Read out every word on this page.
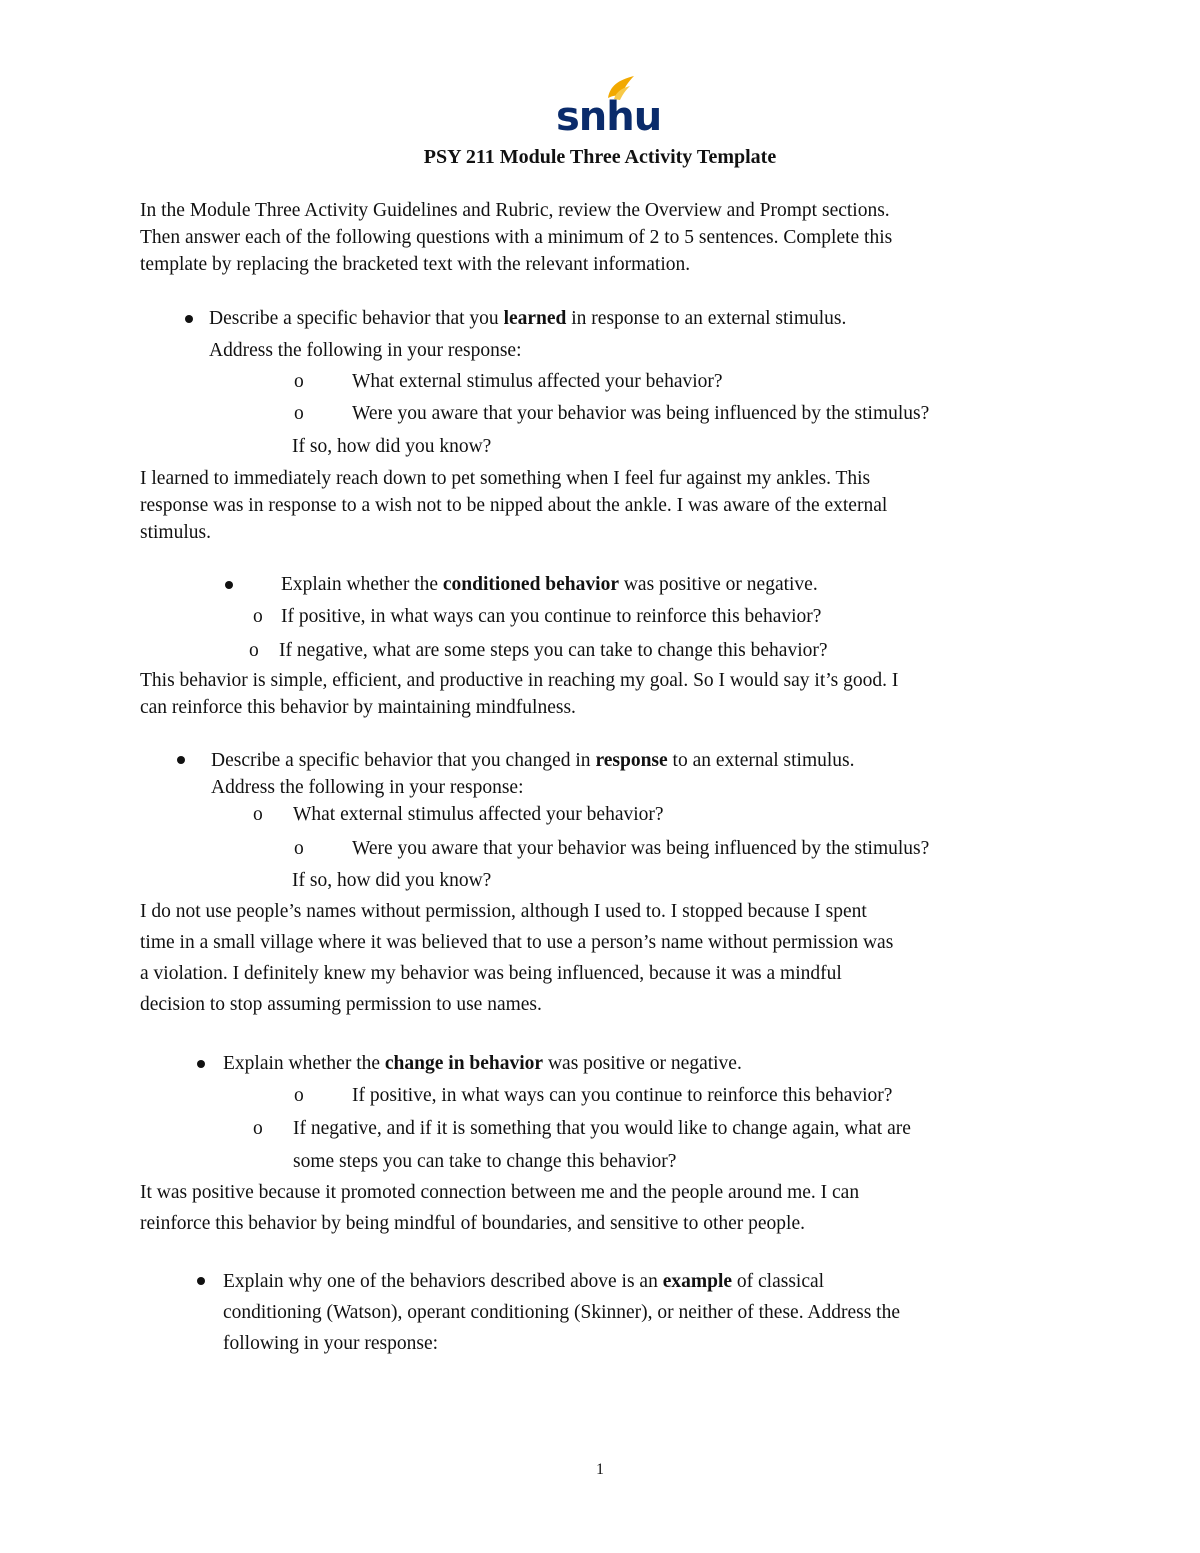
snhu
PSY 211 Module Three Activity Template

In the Module Three Activity Guidelines and Rubric, review the Overview and Prompt sections.

Then answer each of the following questions with a minimum of 2 to 5 sentences. Complete this

template by replacing the bracketed text with the relevant information.

Describe a specific behavior that you learned in response to an external stimulus.

Address the following in your response:

o What external stimulus affected your behavior?

o Were you aware that your behavior was being influenced by the stimulus?

If so, how did you know?

I learned to immediately reach down to pet something when I feel fur against my ankles. This

response was in response to a wish not to be nipped about the ankle. I was aware of the external

stimulus.

Explain whether the conditioned behavior was positive or negative.

o If positive, in what ways can you continue to reinforce this behavior?

o If negative, what are some steps you can take to change this behavior?

This behavior is simple, efficient, and productive in reaching my goal. So I would say it’s good. I

can reinforce this behavior by maintaining mindfulness.

Describe a specific behavior that you changed in response to an external stimulus.

Address the following in your response:

o What external stimulus affected your behavior?

o Were you aware that your behavior was being influenced by the stimulus?

If so, how did you know?

I do not use people’s names without permission, although I used to. I stopped because I spent

time in a small village where it was believed that to use a person’s name without permission was

a violation. I definitely knew my behavior was being influenced, because it was a mindful

decision to stop assuming permission to use names.

Explain whether the change in behavior was positive or negative.

o If positive, in what ways can you continue to reinforce this behavior?

o If negative, and if it is something that you would like to change again, what are

some steps you can take to change this behavior?

It was positive because it promoted connection between me and the people around me. I can

reinforce this behavior by being mindful of boundaries, and sensitive to other people.

Explain why one of the behaviors described above is an example of classical

conditioning (Watson), operant conditioning (Skinner), or neither of these. Address the

following in your response:

1
